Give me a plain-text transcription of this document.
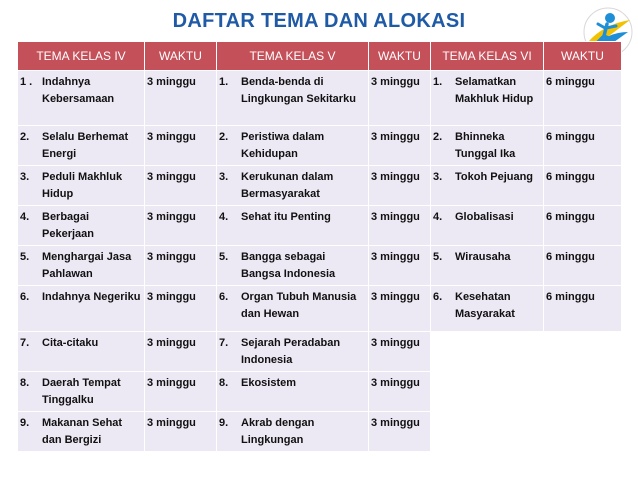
DAFTAR TEMA DAN ALOKASI
TEMA KELAS IV	WAKTU	TEMA KELAS V	WAKTU	TEMA KELAS VI	WAKTU

1 . Indahnya Kebersamaan	3 minggu	1. Benda-benda di Lingkungan Sekitarku	3 minggu	1. Selamatkan Makhluk Hidup	6 minggu

2. Selalu Berhemat Energi	3 minggu	2. Peristiwa dalam Kehidupan	3 minggu	2. Bhinneka Tunggal Ika	6 minggu

3. Peduli Makhluk Hidup	3 minggu	3. Kerukunan dalam Bermasyarakat	3 minggu	3. Tokoh Pejuang	6 minggu

4. Berbagai Pekerjaan	3 minggu	4. Sehat itu Penting	3 minggu	4. Globalisasi	6 minggu

5. Menghargai Jasa Pahlawan	3 minggu	5. Bangga sebagai Bangsa Indonesia	3 minggu	5. Wirausaha	6 minggu

6. Indahnya Negeriku	3 minggu	6. Organ Tubuh Manusia dan Hewan	3 minggu	6. Kesehatan Masyarakat	6 minggu

7. Cita-citaku	3 minggu	7. Sejarah Peradaban Indonesia	3 minggu		

8. Daerah Tempat Tinggalku	3 minggu	8. Ekosistem	3 minggu		

9. Makanan Sehat dan Bergizi	3 minggu	9. Akrab dengan Lingkungan	3 minggu		
